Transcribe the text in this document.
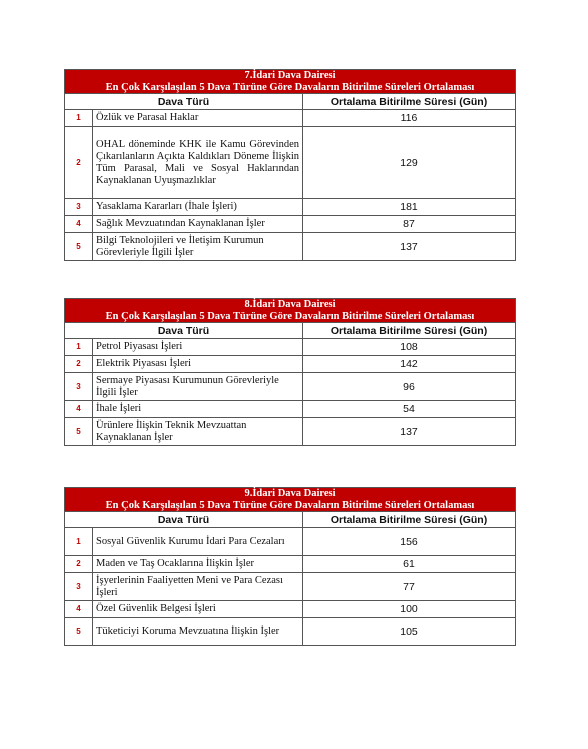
7.İdari Dava Dairesi
En Çok Karşılaşılan 5 Dava Türüne Göre Davaların Bitirilme Süreleri Ortalaması		

Dava Türü		Ortalama Bitirilme Süresi (Gün)
1	Özlük ve Parasal Haklar	116
2	OHAL döneminde KHK ile Kamu Görevinden Çıkarılanların Açıkta Kaldıkları Döneme İlişkin Tüm Parasal, Mali ve Sosyal Haklarından Kaynaklanan Uyuşmazlıklar	129
3	Yasaklama Kararları (İhale İşleri)	181
4	Sağlık Mevzuatından Kaynaklanan İşler	87
5	Bilgi Teknolojileri ve İletişim Kurumun Görevleriyle İlgili İşler	137
8.İdari Dava Dairesi
En Çok Karşılaşılan 5 Dava Türüne Göre Davaların Bitirilme Süreleri Ortalaması		

Dava Türü		Ortalama Bitirilme Süresi (Gün)
1	Petrol Piyasası İşleri	108
2	Elektrik Piyasası İşleri	142
3	Sermaye Piyasası Kurumunun Görevleriyle İlgili İşler	96
4	İhale İşleri	54
5	Ürünlere İlişkin Teknik Mevzuattan Kaynaklanan İşler	137
9.İdari Dava Dairesi
En Çok Karşılaşılan 5 Dava Türüne Göre Davaların Bitirilme Süreleri Ortalaması		

Dava Türü		Ortalama Bitirilme Süresi (Gün)
1	Sosyal Güvenlik Kurumu İdari Para Cezaları	156
2	Maden ve Taş Ocaklarına İlişkin İşler	61
3	İşyerlerinin Faaliyetten Meni ve Para Cezası İşleri	77
4	Özel Güvenlik Belgesi İşleri	100
5	Tüketiciyi Koruma Mevzuatına İlişkin İşler	105
